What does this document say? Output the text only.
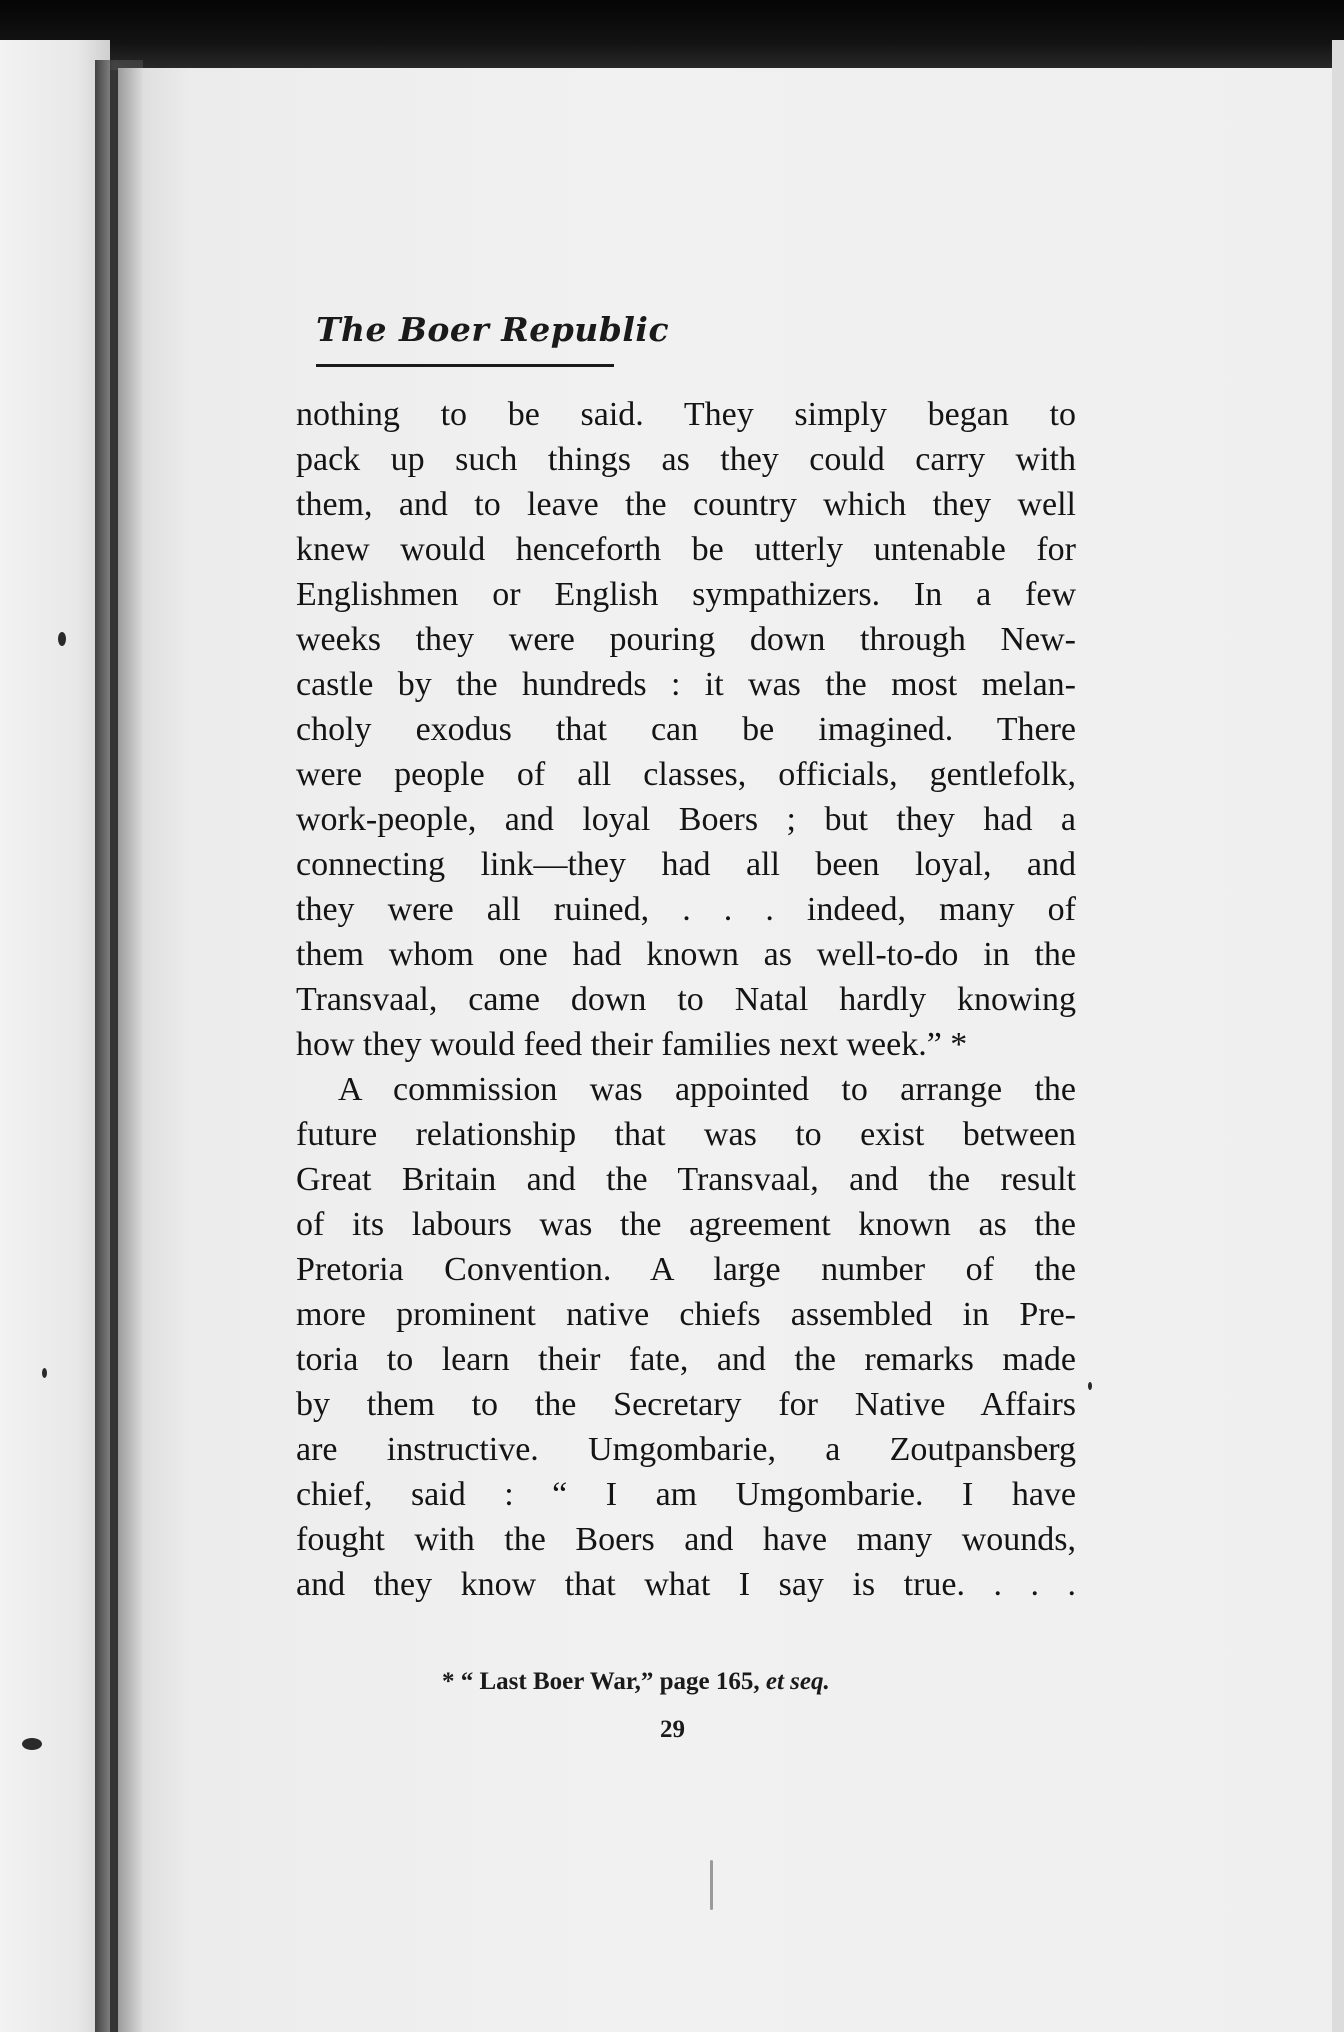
The Boer Republic
nothing to be said. They simply began to
pack up such things as they could carry with
them, and to leave the country which they well
knew would henceforth be utterly untenable for
Englishmen or English sympathizers. In a few
weeks they were pouring down through New-
castle by the hundreds : it was the most melan-
choly exodus that can be imagined. There
were people of all classes, officials, gentlefolk,
work-people, and loyal Boers ; but they had a
connecting link—they had all been loyal, and
they were all ruined, . . . indeed, many of
them whom one had known as well-to-do in the
Transvaal, came down to Natal hardly knowing
how they would feed their families next week.” *
A commission was appointed to arrange the
future relationship that was to exist between
Great Britain and the Transvaal, and the result
of its labours was the agreement known as the
Pretoria Convention. A large number of the
more prominent native chiefs assembled in Pre-
toria to learn their fate, and the remarks made
by them to the Secretary for Native Affairs
are instructive. Umgombarie, a Zoutpansberg
chief, said : “ I am Umgombarie. I have
fought with the Boers and have many wounds,
and they know that what I say is true. . . .
* “ Last Boer War,” page 165, et seq.
29
